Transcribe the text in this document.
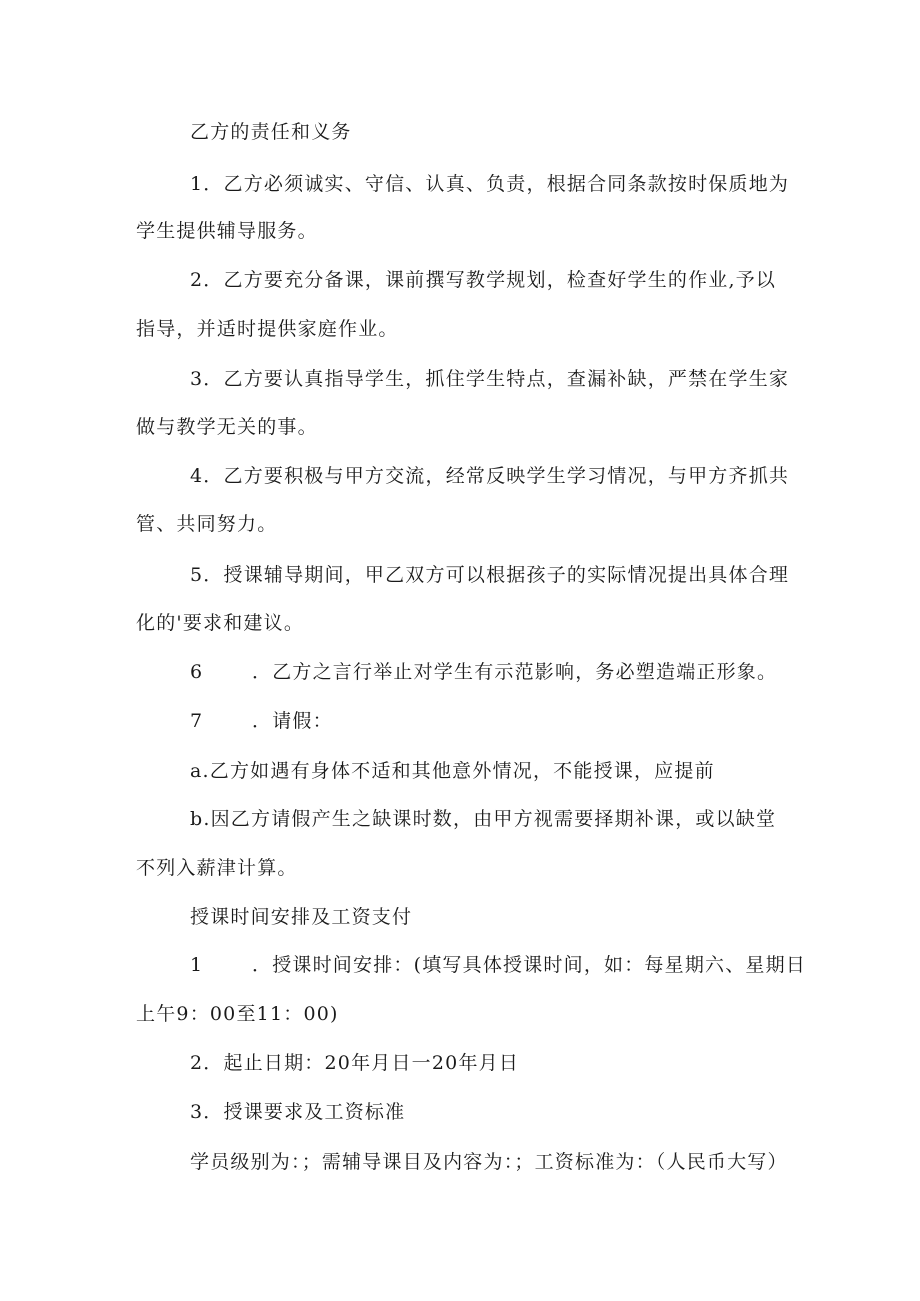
乙方的责任和义务
1．乙方必须诚实、守信、认真、负责，根据合同条款按时保质地为
学生提供辅导服务。
2．乙方要充分备课，课前撰写教学规划，检查好学生的作业,予以
指导，并适时提供家庭作业。
3．乙方要认真指导学生，抓住学生特点，查漏补缺，严禁在学生家
做与教学无关的事。
4．乙方要积极与甲方交流，经常反映学生学习情况，与甲方齐抓共
管、共同努力。
5．授课辅导期间，甲乙双方可以根据孩子的实际情况提出具体合理
化的'要求和建议。
6	．乙方之言行举止对学生有示范影响，务必塑造端正形象。
7	．请假：
a.乙方如遇有身体不适和其他意外情况，不能授课，应提前
b.因乙方请假产生之缺课时数，由甲方视需要择期补课，或以缺堂
不列入薪津计算。
授课时间安排及工资支付
1	．授课时间安排：(填写具体授课时间，如：每星期六、星期日
上午9：00至11：00)
2．起止日期：20年月日一20年月日
3．授课要求及工资标准
学员级别为：；需辅导课目及内容为：；工资标准为：（人民币大写）
